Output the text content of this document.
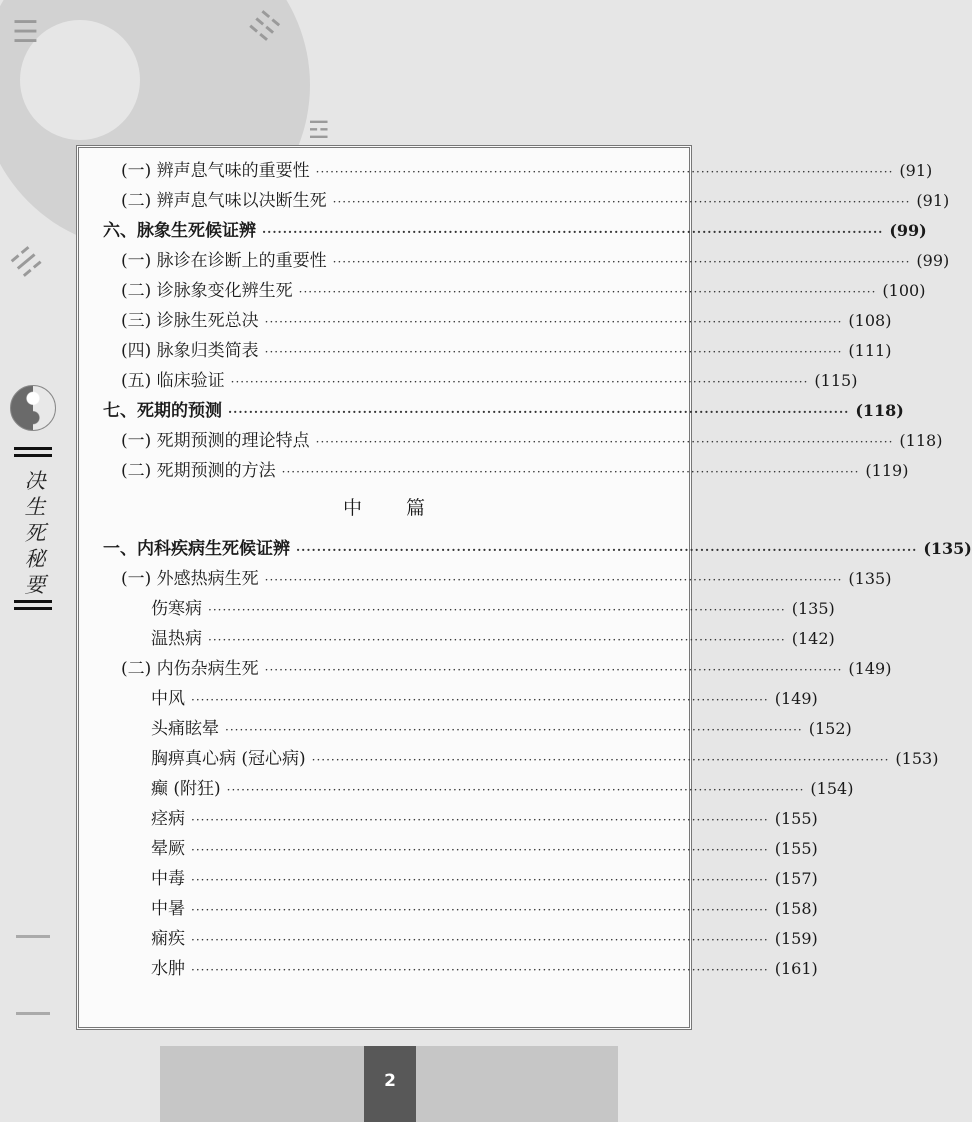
☰	☷
☵
☲
决生死秘要
(一) 辨声息气味的重要性 ························································································································ (91)
(二) 辨声息气味以决断生死 ························································································································ (91)
六、脉象生死候证辨 ························································································································ (99)
(一) 脉诊在诊断上的重要性 ························································································································ (99)
(二) 诊脉象变化辨生死 ························································································································ (100)
(三) 诊脉生死总决 ························································································································ (108)
(四) 脉象归类简表 ························································································································ (111)
(五) 临床验证 ························································································································ (115)
七、死期的预测 ························································································································ (118)
(一) 死期预测的理论特点 ························································································································ (118)
(二) 死期预测的方法 ························································································································ (119)
中篇
一、内科疾病生死候证辨 ························································································································ (135)
(一) 外感热病生死 ························································································································ (135)
伤寒病 ························································································································ (135)
温热病 ························································································································ (142)
(二) 内伤杂病生死 ························································································································ (149)
中风 ························································································································ (149)
头痛眩晕 ························································································································ (152)
胸痹真心病 (冠心病) ························································································································ (153)
癫 (附狂) ························································································································ (154)
痉病 ························································································································ (155)
晕厥 ························································································································ (155)
中毒 ························································································································ (157)
中暑 ························································································································ (158)
痫疾 ························································································································ (159)
水肿 ························································································································ (161)
2
